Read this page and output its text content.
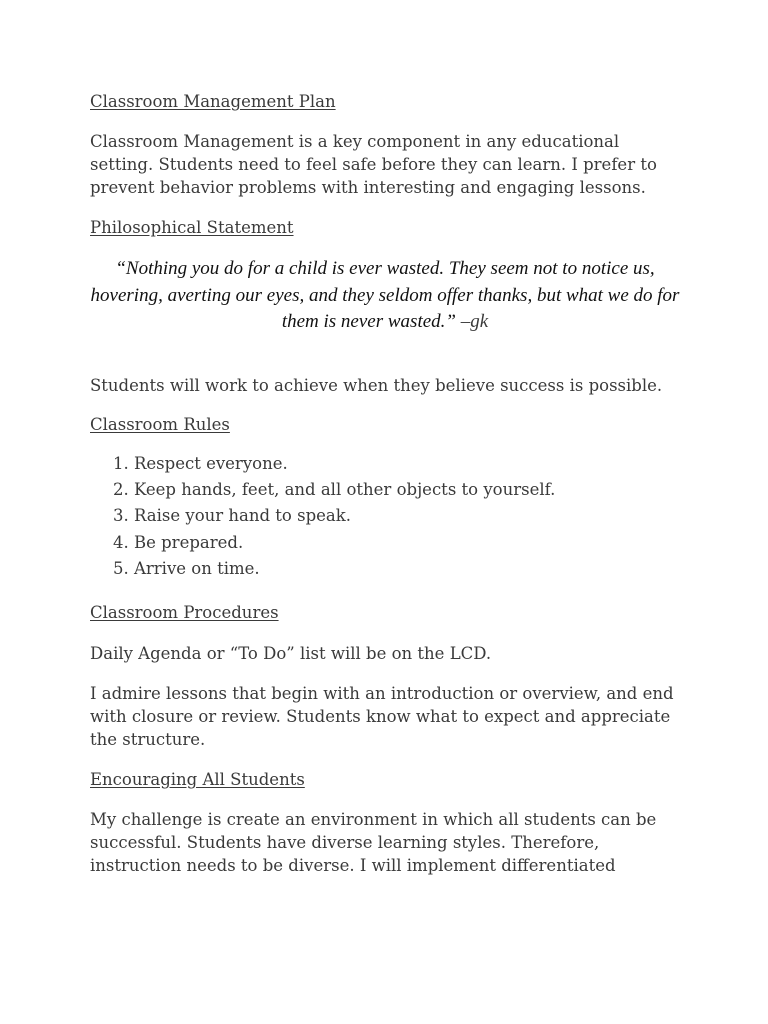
Classroom Management Plan

Classroom Management is a key component in any educational setting. Students need to feel safe before they can learn. I prefer to prevent behavior problems with interesting and engaging lessons.

Philosophical Statement

“Nothing you do for a child is ever wasted. They seem not to notice us, hovering, averting our eyes, and they seldom offer thanks, but what we do for them is never wasted.” –gk

Students will work to achieve when they believe success is possible.

Classroom Rules
1. Respect everyone.
2. Keep hands, feet, and all other objects to yourself.
3. Raise your hand to speak.
4. Be prepared.
5. Arrive on time.
Classroom Procedures

Daily Agenda or “To Do” list will be on the LCD.

I admire lessons that begin with an introduction or overview, and end with closure or review. Students know what to expect and appreciate the structure.

Encouraging All Students

My challenge is create an environment in which all students can be successful. Students have diverse learning styles. Therefore, instruction needs to be diverse. I will implement differentiated
